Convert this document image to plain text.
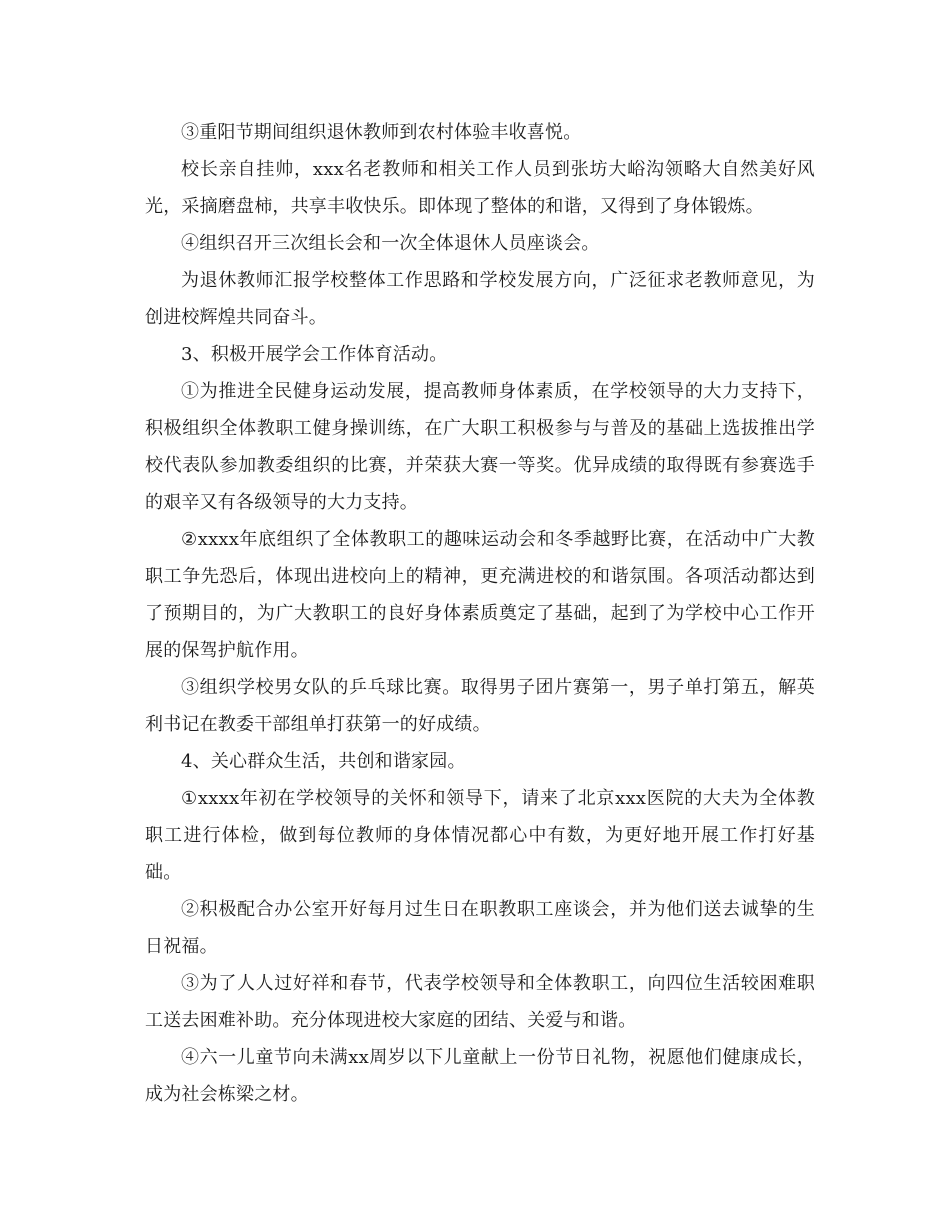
③重阳节期间组织退休教师到农村体验丰收喜悦。

校长亲自挂帅，xxx名老教师和相关工作人员到张坊大峪沟领略大自然美好风光，采摘磨盘柿，共享丰收快乐。即体现了整体的和谐，又得到了身体锻炼。

④组织召开三次组长会和一次全体退休人员座谈会。

为退休教师汇报学校整体工作思路和学校发展方向，广泛征求老教师意见，为创进校辉煌共同奋斗。

3、积极开展学会工作体育活动。

①为推进全民健身运动发展，提高教师身体素质，在学校领导的大力支持下，积极组织全体教职工健身操训练，在广大职工积极参与与普及的基础上选拔推出学校代表队参加教委组织的比赛，并荣获大赛一等奖。优异成绩的取得既有参赛选手的艰辛又有各级领导的大力支持。

②xxxx年底组织了全体教职工的趣味运动会和冬季越野比赛，在活动中广大教职工争先恐后，体现出进校向上的精神，更充满进校的和谐氛围。各项活动都达到了预期目的，为广大教职工的良好身体素质奠定了基础，起到了为学校中心工作开展的保驾护航作用。

③组织学校男女队的乒乓球比赛。取得男子团片赛第一，男子单打第五，解英利书记在教委干部组单打获第一的好成绩。

4、关心群众生活，共创和谐家园。

①xxxx年初在学校领导的关怀和领导下，请来了北京xxx医院的大夫为全体教职工进行体检，做到每位教师的身体情况都心中有数，为更好地开展工作打好基础。

②积极配合办公室开好每月过生日在职教职工座谈会，并为他们送去诚挚的生日祝福。

③为了人人过好祥和春节，代表学校领导和全体教职工，向四位生活较困难职工送去困难补助。充分体现进校大家庭的团结、关爱与和谐。

④六一儿童节向未满xx周岁以下儿童献上一份节日礼物，祝愿他们健康成长，成为社会栋梁之材。
